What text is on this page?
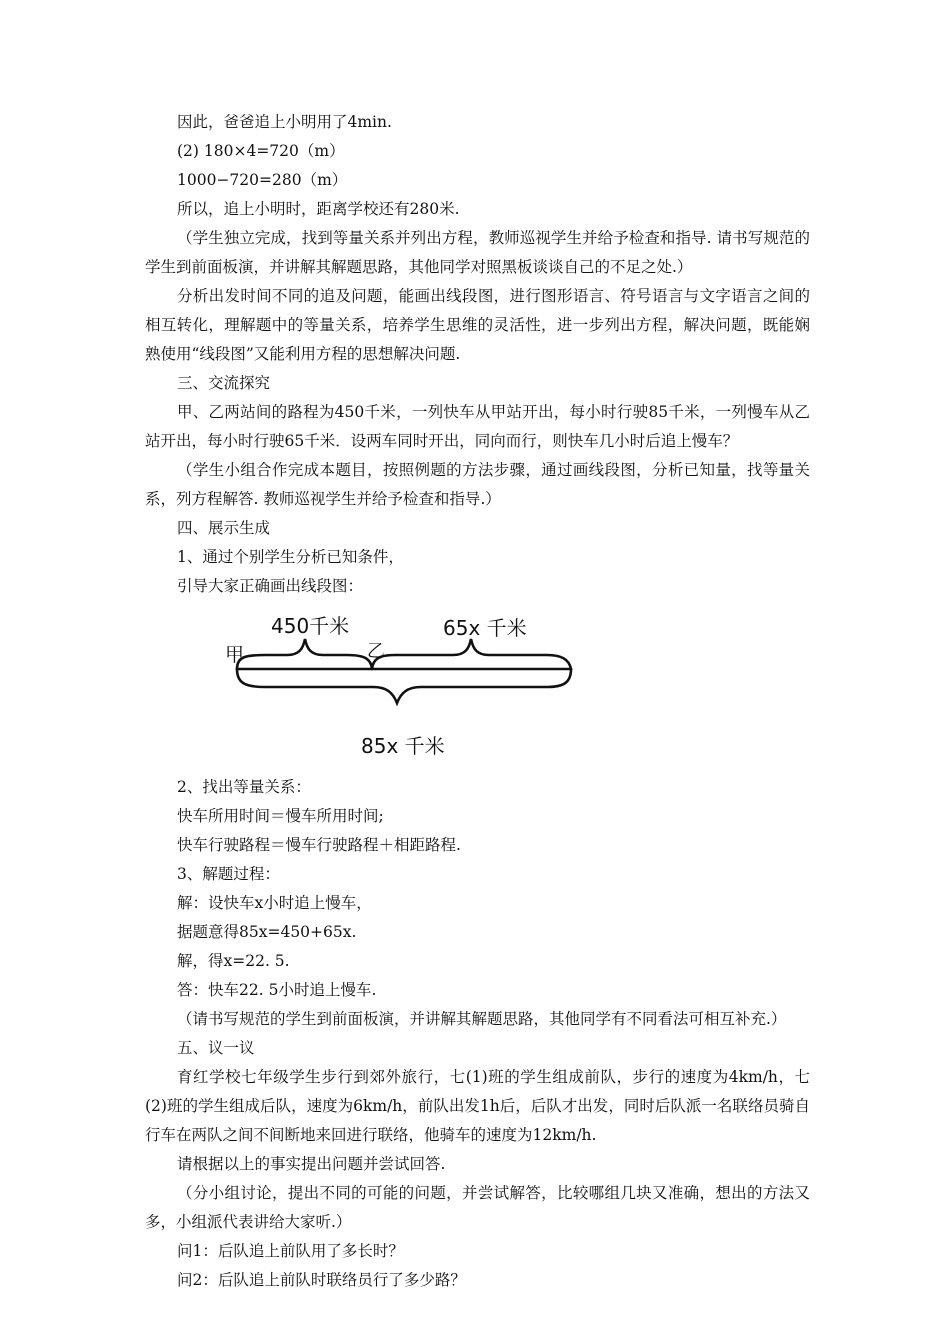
因此，爸爸追上小明用了4min.

(2) 180×4=720（m）

1000−720=280（m）

所以，追上小明时，距离学校还有280米.

（学生独立完成，找到等量关系并列出方程，教师巡视学生并给予检查和指导. 请书写规范的学生到前面板演，并讲解其解题思路，其他同学对照黑板谈谈自己的不足之处.）

分析出发时间不同的追及问题，能画出线段图，进行图形语言、符号语言与文字语言之间的相互转化，理解题中的等量关系，培养学生思维的灵活性，进一步列出方程，解决问题，既能娴熟使用“线段图”又能利用方程的思想解决问题.

三、交流探究

甲、乙两站间的路程为450千米，一列快车从甲站开出，每小时行驶85千米，一列慢车从乙站开出，每小时行驶65千米．设两车同时开出，同向而行，则快车几小时后追上慢车？

（学生小组合作完成本题目，按照例题的方法步骤，通过画线段图，分析已知量，找等量关系，列方程解答. 教师巡视学生并给予检查和指导.）

四、展示生成

1、通过个别学生分析已知条件，

引导大家正确画出线段图：

450千米	65x 千米
甲	乙
85x 千米

2、找出等量关系：

快车所用时间＝慢车所用时间;

快车行驶路程＝慢车行驶路程＋相距路程.

3、解题过程：

解：设快车x小时追上慢车，

据题意得85x=450+65x.

解，得x=22. 5.

答：快车22. 5小时追上慢车.

（请书写规范的学生到前面板演，并讲解其解题思路，其他同学有不同看法可相互补充.）

五、议一议

育红学校七年级学生步行到郊外旅行，七(1)班的学生组成前队，步行的速度为4km/h，七(2)班的学生组成后队，速度为6km/h，前队出发1h后，后队才出发，同时后队派一名联络员骑自行车在两队之间不间断地来回进行联络，他骑车的速度为12km/h.

请根据以上的事实提出问题并尝试回答.

（分小组讨论，提出不同的可能的问题，并尝试解答，比较哪组几块又准确，想出的方法又多，小组派代表讲给大家听.）

问1：后队追上前队用了多长时？

问2：后队追上前队时联络员行了多少路？
